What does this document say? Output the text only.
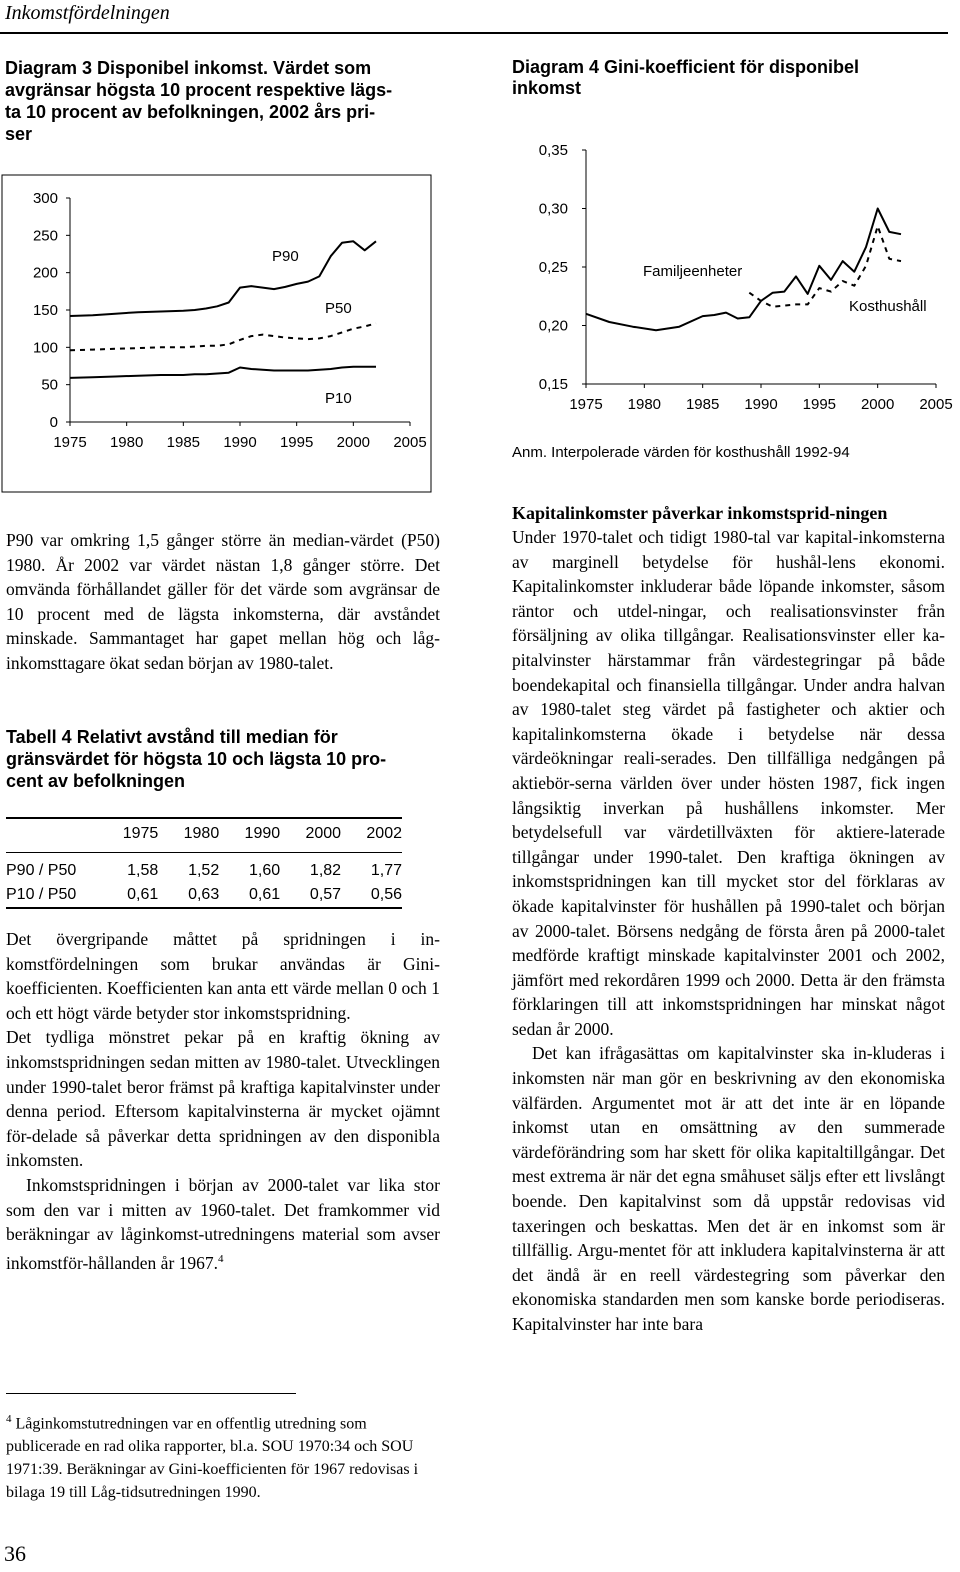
Inkomstfördelningen
Diagram 3 Disponibel inkomst. Värdet som
avgränsar högsta 10 procent respektive lägs-
ta 10 procent av befolkningen, 2002 års pri-
ser
0
50
100
150
200
250
300
1975 1980 1985 1990 1995 2000 2005
P90
P50
P10
Diagram 4 Gini-koefficient för disponibel
inkomst
0,15
0,20
0,25
0,30
0,35
1975 1980 1985 1990 1995 2000 2005
Familjeenheter
Kosthushåll
Anm. Interpolerade värden för kosthushåll 1992-94

P90 var omkring 1,5 gånger större än median-värdet (P50) 1980. År 2002 var värdet nästan 1,8 gånger större. Det omvända förhållandet gäller för det värde som avgränsar de 10 procent med de lägsta inkomsterna, där avståndet minskade. Sammantaget har gapet mellan hög och låg-inkomsttagare ökat sedan början av 1980-talet.

Tabell 4 Relativt avstånd till median för
gränsvärdet för högsta 10 och lägsta 10 pro-
cent av befolkningen
	1975	1980	1990	2000	2002

P90 / P50	1,58	1,52	1,60	1,82	1,77
P10 / P50	0,61	0,63	0,61	0,57	0,56

Det övergripande måttet på spridningen i in-komstfördelningen som brukar användas är Gini-koefficienten. Koefficienten kan anta ett värde mellan 0 och 1 och ett högt värde betyder stor inkomstspridning.

Det tydliga mönstret pekar på en kraftig ökning av inkomstspridningen sedan mitten av 1980-talet. Utvecklingen under 1990-talet beror främst på kraftiga kapitalvinster under denna period. Eftersom kapitalvinsterna är mycket ojämnt för-delade så påverkar detta spridningen av den disponibla inkomsten.

Inkomstspridningen i början av 2000-talet var lika stor som den var i mitten av 1960-talet. Det framkommer vid beräkningar av låginkomst-utredningens material som avser inkomstför-hållanden år 1967.$^4$

$^4$ Låginkomstutredningen var en offentlig utredning som publicerade en rad olika rapporter, bl.a. SOU 1970:34 och SOU 1971:39. Beräkningar av Gini-koefficienten för 1967 redovisas i bilaga 19 till Låg-tidsutredningen 1990.

Kapitalinkomster påverkar inkomstsprid-ningen

Under 1970-talet och tidigt 1980-tal var kapital-inkomsterna av marginell betydelse för hushål-lens ekonomi. Kapitalinkomster inkluderar både löpande inkomster, såsom räntor och utdel-ningar, och realisationsvinster från försäljning av olika tillgångar. Realisationsvinster eller ka-pitalvinster härstammar från värdestegringar på både boendekapital och finansiella tillgångar. Under andra halvan av 1980-talet steg värdet på fastigheter och aktier och kapitalinkomsterna ökade i betydelse när dessa värdeökningar reali-serades. Den tillfälliga nedgången på aktiebör-serna världen över under hösten 1987, fick ingen långsiktig inverkan på hushållens inkomster. Mer betydelsefull var värdetillväxten för aktiere-laterade tillgångar under 1990-talet. Den kraftiga ökningen av inkomstspridningen kan till mycket stor del förklaras av ökade kapitalvinster för hushållen på 1990-talet och början av 2000-talet. Börsens nedgång de första åren på 2000-talet medförde kraftigt minskade kapitalvinster 2001 och 2002, jämfört med rekordåren 1999 och 2000. Detta är den främsta förklaringen till att inkomstspridningen har minskat något sedan år 2000.

Det kan ifrågasättas om kapitalvinster ska in-kluderas i inkomsten när man gör en beskrivning av den ekonomiska välfärden. Argumentet mot är att det inte är en löpande inkomst utan en omsättning av den summerade värdeförändring som har skett för olika kapitaltillgångar. Det mest extrema är när det egna småhuset säljs efter ett livslångt boende. Den kapitalvinst som då uppstår redovisas vid taxeringen och beskattas. Men det är en inkomst som är tillfällig. Argu-mentet för att inkludera kapitalvinsterna är att det ändå är en reell värdestegring som påverkar den ekonomiska standarden men som kanske borde periodiseras. Kapitalvinster har inte bara

36
